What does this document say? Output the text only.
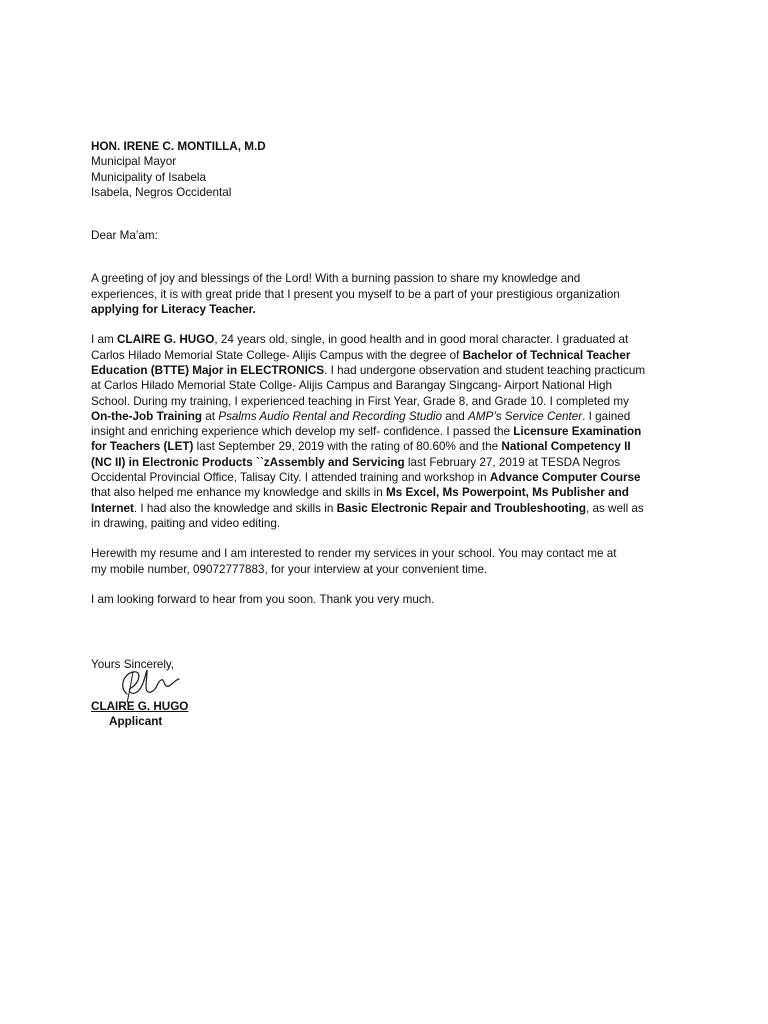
HON. IRENE C. MONTILLA, M.D
Municipal Mayor
Municipality of Isabela
Isabela, Negros Occidental
Dear Ma’am:
A greeting of joy and blessings of the Lord! With a burning passion to share my knowledge and
experiences, it is with great pride that I present you myself to be a part of your prestigious organization
applying for Literacy Teacher.
I am CLAIRE G. HUGO, 24 years old, single, in good health and in good moral character. I graduated at
Carlos Hilado Memorial State College- Alijis Campus with the degree of Bachelor of Technical Teacher
Education (BTTE) Major in ELECTRONICS. I had undergone observation and student teaching practicum
at Carlos Hilado Memorial State Collge- Alijis Campus and Barangay Singcang- Airport National High
School. During my training, I experienced teaching in First Year, Grade 8, and Grade 10. I completed my
On-the-Job Training at Psalms Audio Rental and Recording Studio and AMP’s Service Center. I gained
insight and enriching experience which develop my self- confidence. I passed the Licensure Examination
for Teachers (LET) last September 29, 2019 with the rating of 80.60% and the National Competency II
(NC II) in Electronic Products ``zAssembly and Servicing last February 27, 2019 at TESDA Negros
Occidental Provincial Office, Talisay City. I attended training and workshop in Advance Computer Course
that also helped me enhance my knowledge and skills in Ms Excel, Ms Powerpoint, Ms Publisher and
Internet. I had also the knowledge and skills in Basic Electronic Repair and Troubleshooting, as well as
in drawing, paiting and video editing.
Herewith my resume and I am interested to render my services in your school. You may contact me at
my mobile number, 09072777883, for your interview at your convenient time.
I am looking forward to hear from you soon. Thank you very much.
Yours Sincerely,
CLAIRE G. HUGO
Applicant
